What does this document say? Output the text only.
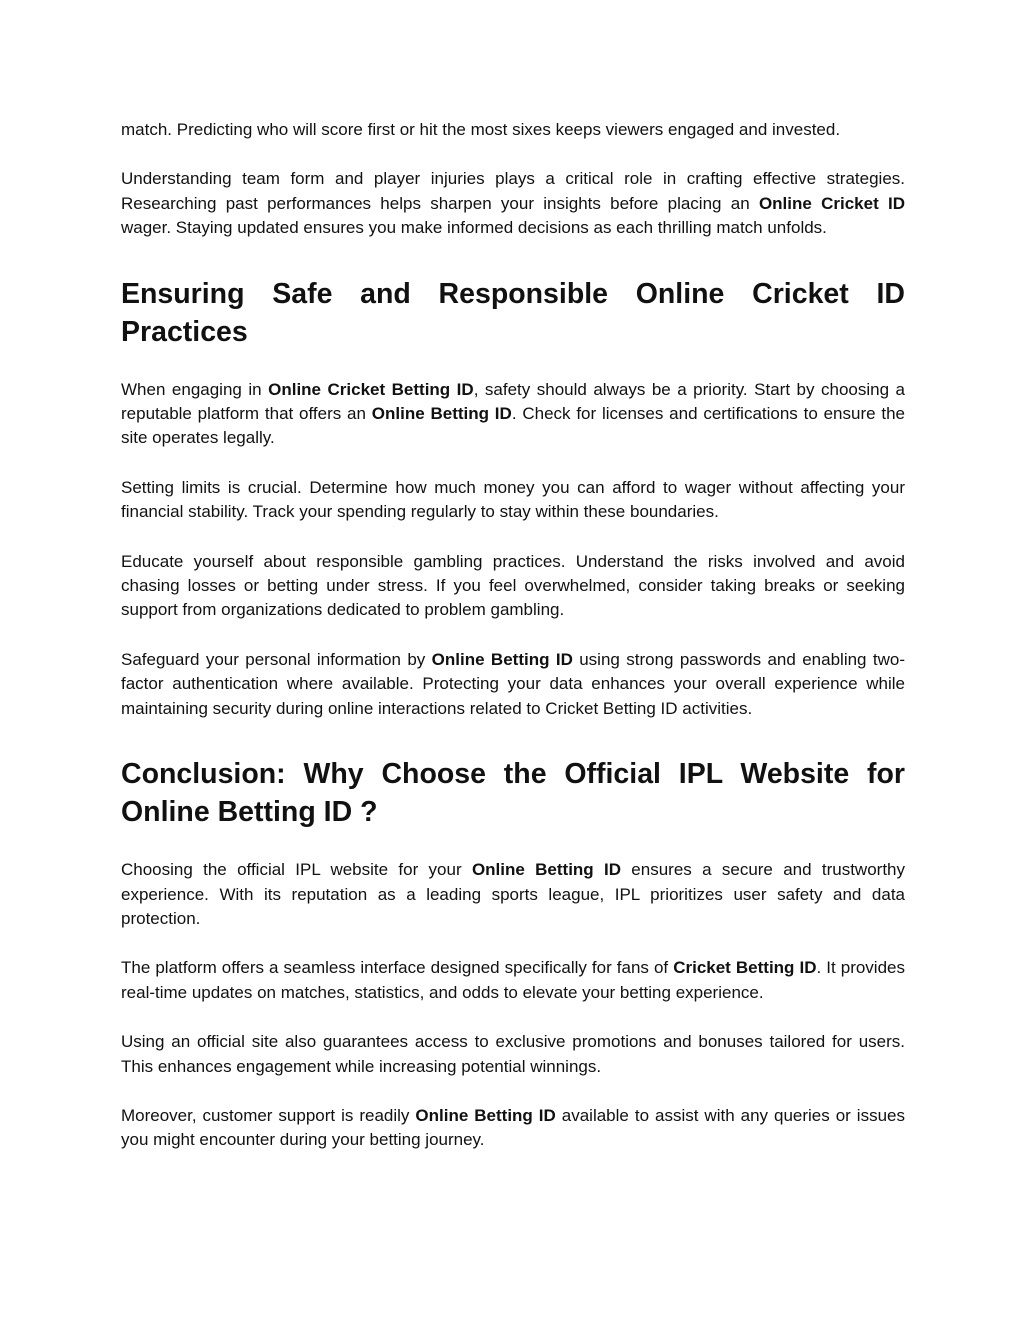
match. Predicting who will score first or hit the most sixes keeps viewers engaged and invested.

Understanding team form and player injuries plays a critical role in crafting effective strategies. Researching past performances helps sharpen your insights before placing an Online Cricket ID wager. Staying updated ensures you make informed decisions as each thrilling match unfolds.

Ensuring Safe and Responsible Online Cricket ID Practices

When engaging in Online Cricket Betting ID, safety should always be a priority. Start by choosing a reputable platform that offers an Online Betting ID. Check for licenses and certifications to ensure the site operates legally.

Setting limits is crucial. Determine how much money you can afford to wager without affecting your financial stability. Track your spending regularly to stay within these boundaries.

Educate yourself about responsible gambling practices. Understand the risks involved and avoid chasing losses or betting under stress. If you feel overwhelmed, consider taking breaks or seeking support from organizations dedicated to problem gambling.

Safeguard your personal information by Online Betting ID using strong passwords and enabling two-factor authentication where available. Protecting your data enhances your overall experience while maintaining security during online interactions related to Cricket Betting ID activities.

Conclusion: Why Choose the Official IPL Website for Online Betting ID ?

Choosing the official IPL website for your Online Betting ID ensures a secure and trustworthy experience. With its reputation as a leading sports league, IPL prioritizes user safety and data protection.

The platform offers a seamless interface designed specifically for fans of Cricket Betting ID. It provides real-time updates on matches, statistics, and odds to elevate your betting experience.

Using an official site also guarantees access to exclusive promotions and bonuses tailored for users. This enhances engagement while increasing potential winnings.

Moreover, customer support is readily Online Betting ID available to assist with any queries or issues you might encounter during your betting journey.
